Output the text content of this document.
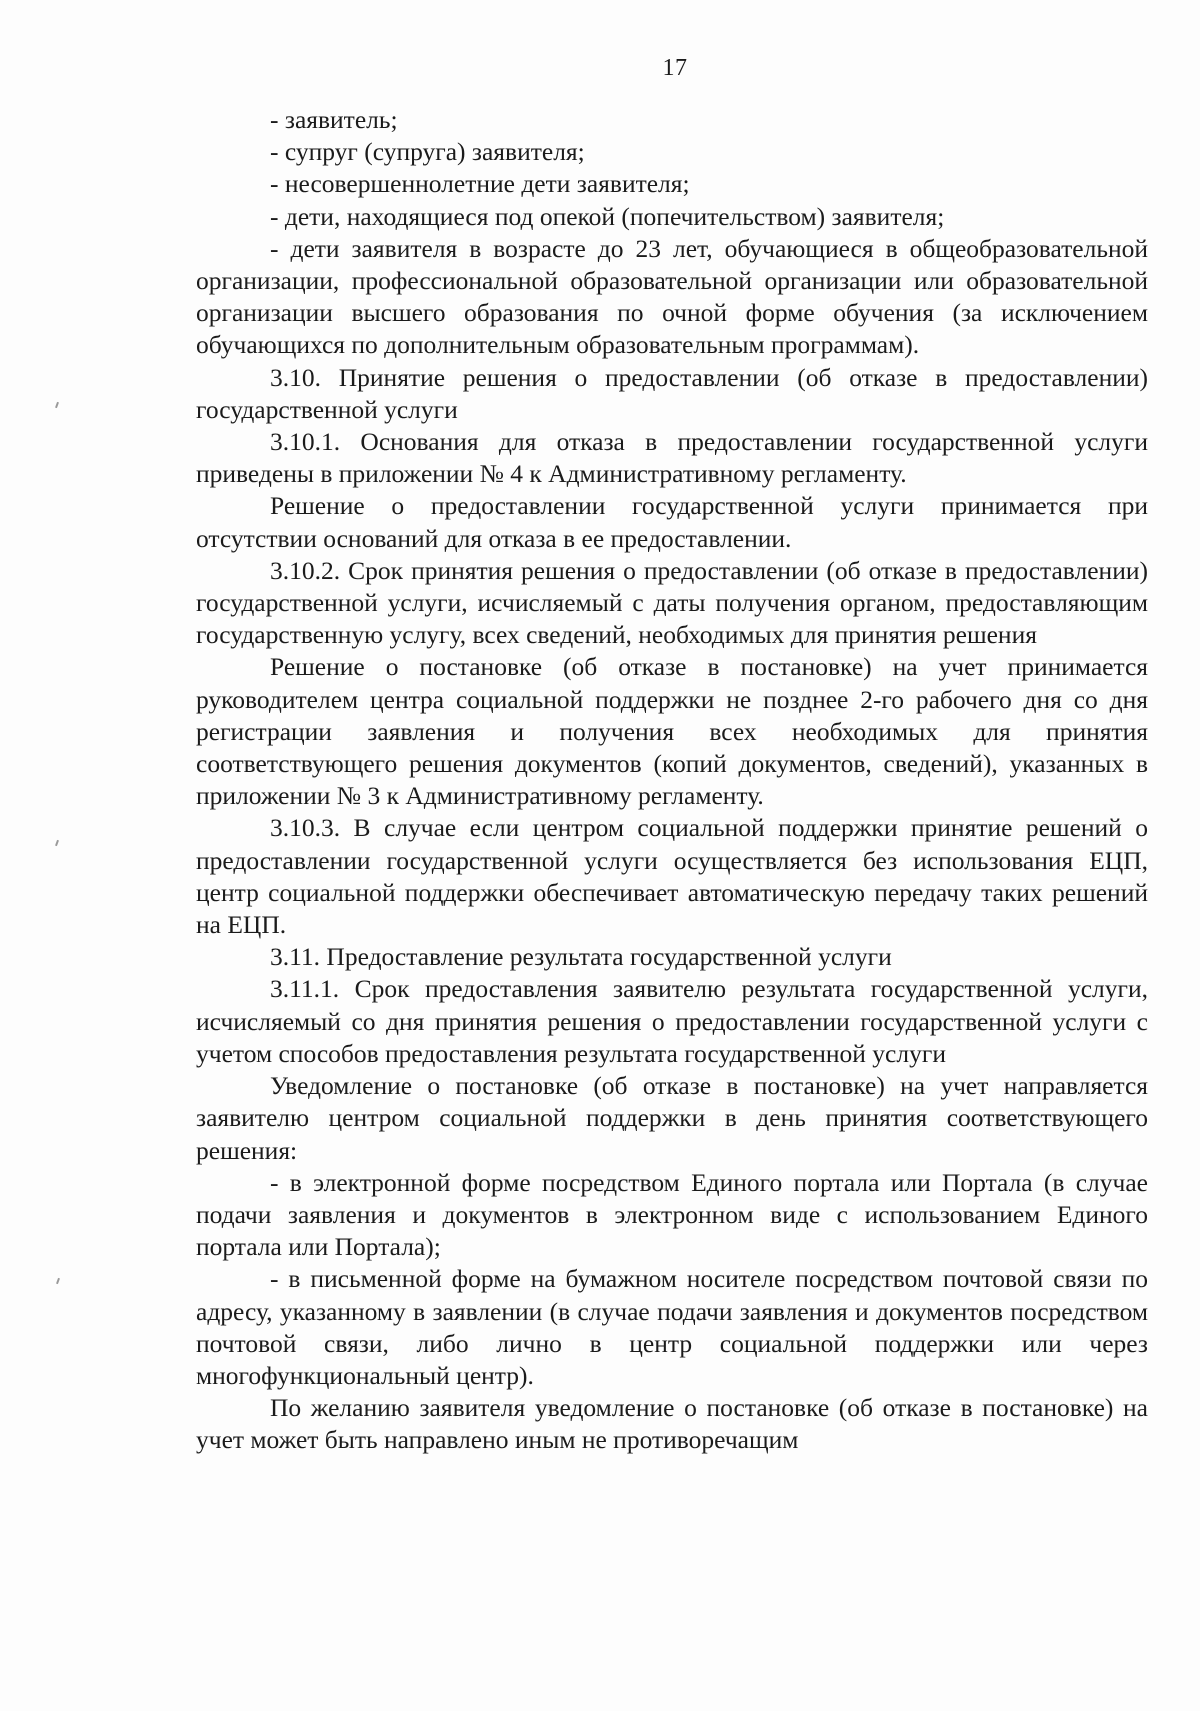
17

- заявитель;

- супруг (супруга) заявителя;

- несовершеннолетние дети заявителя;

- дети, находящиеся под опекой (попечительством) заявителя;

- дети заявителя в возрасте до 23 лет, обучающиеся в общеобразовательной организации, профессиональной образовательной организации или образовательной организации высшего образования по очной форме обучения (за исключением обучающихся по дополнительным образовательным программам).

3.10. Принятие решения о предоставлении (об отказе в предоставлении) государственной услуги

3.10.1. Основания для отказа в предоставлении государственной услуги приведены в приложении № 4 к Административному регламенту.

Решение о предоставлении государственной услуги принимается при отсутствии оснований для отказа в ее предоставлении.

3.10.2. Срок принятия решения о предоставлении (об отказе в предоставлении) государственной услуги, исчисляемый с даты получения органом, предоставляющим государственную услугу, всех сведений, необходимых для принятия решения

Решение о постановке (об отказе в постановке) на учет принимается руководителем центра социальной поддержки не позднее 2-го рабочего дня со дня регистрации заявления и получения всех необходимых для принятия соответствующего решения документов (копий документов, сведений), указанных в приложении № 3 к Административному регламенту.

3.10.3. В случае если центром социальной поддержки принятие решений о предоставлении государственной услуги осуществляется без использования ЕЦП, центр социальной поддержки обеспечивает автоматическую передачу таких решений на ЕЦП.

3.11. Предоставление результата государственной услуги

3.11.1. Срок предоставления заявителю результата государственной услуги, исчисляемый со дня принятия решения о предоставлении государственной услуги с учетом способов предоставления результата государственной услуги

Уведомление о постановке (об отказе в постановке) на учет направляется заявителю центром социальной поддержки в день принятия соответствующего решения:

- в электронной форме посредством Единого портала или Портала (в случае подачи заявления и документов в электронном виде с использованием Единого портала или Портала);

- в письменной форме на бумажном носителе посредством почтовой связи по адресу, указанному в заявлении (в случае подачи заявления и документов посредством почтовой связи, либо лично в центр социальной поддержки или через многофункциональный центр).

По желанию заявителя уведомление о постановке (об отказе в постановке) на учет может быть направлено иным не противоречащим
